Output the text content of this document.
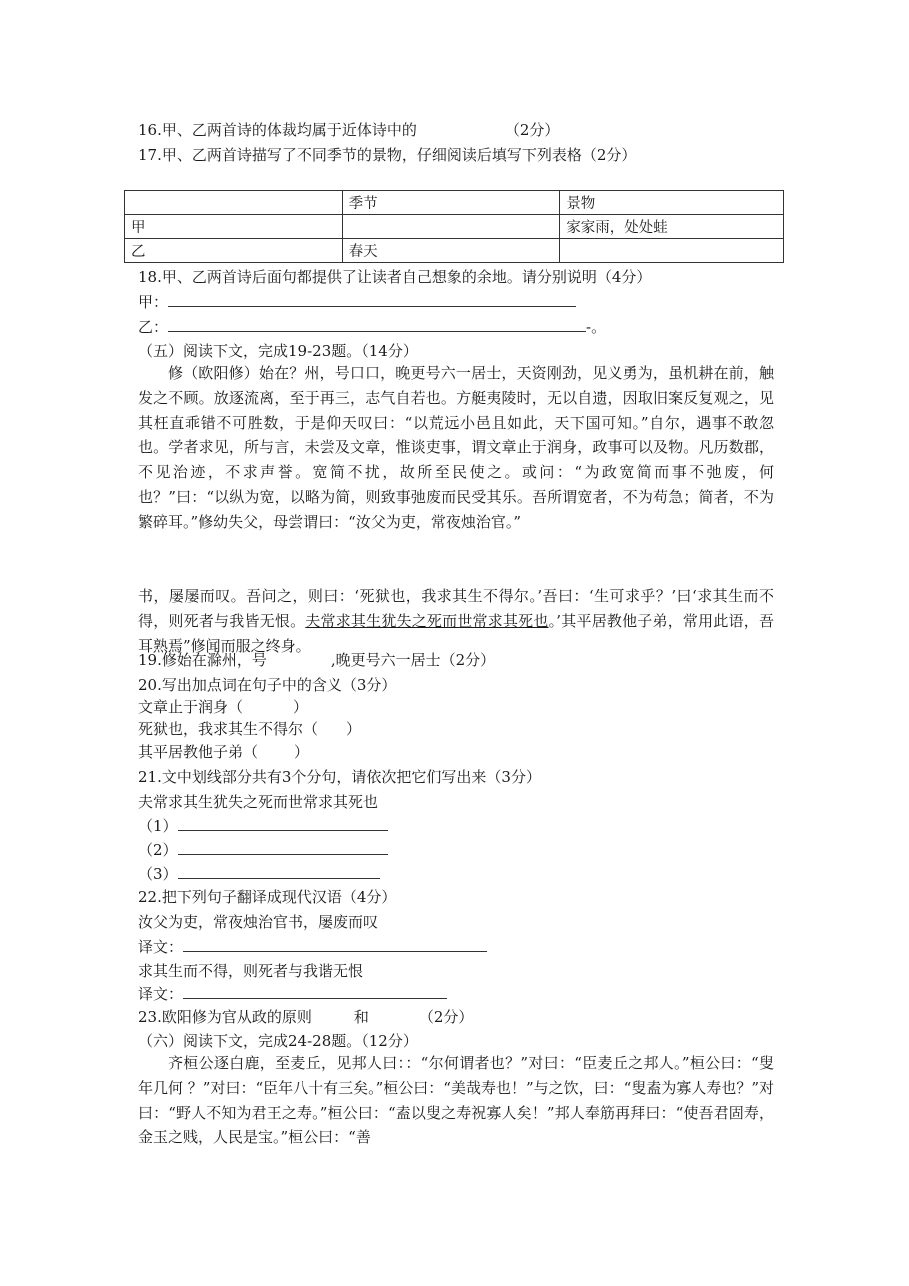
16.甲、乙两首诗的体裁均属于近体诗中的	（2分）
17.甲、乙两首诗描写了不同季节的景物，仔细阅读后填写下列表格（2分）
	季节	景物
甲		家家雨，处处蛙
乙	春天	
18.甲、乙两首诗后面句都提供了让读者自己想象的余地。请分别说明（4分）
甲：
乙：	-。
（五）阅读下文，完成19-23题。（14分）
修（欧阳修）始在？州，号口口，晚更号六一居士，天资刚劲，见义勇为，虽机耕在前，触发之不顾。放逐流离，至于再三，志气自若也。方艇夷陵时，无以自遗，因取旧案反复观之，见其枉直乖错不可胜数，于是仰天叹曰：“以荒远小邑且如此，天下国可知。”自尔，遇事不敢忽也。学者求见，所与言，未尝及文章，惟谈吏事，谓文章止于润身，政事可以及物。凡历数郡，不见治迹，不求声誉。宽简不扰，故所至民使之。或问：“为政宽简而事不弛废，何也？”曰：“以纵为宽，以略为简，则致事弛废而民受其乐。吾所谓宽者，不为苟急；简者，不为繁碎耳。”修幼失父，母尝谓曰：“汝父为吏，常夜烛治官。”
书，屡屡而叹。吾问之，则曰：‘死狱也，我求其生不得尔。’吾曰：‘生可求乎？’曰‘求其生而不得，则死者与我皆无恨。夫常求其生犹失之死而世常求其死也。’其平居教他子弟，常用此语，吾耳熟焉”修闻而服之终身。
19.修始在滁州，号	,晚更号六一居士（2分）
20.写出加点词在句子中的含义（3分）
文章止于润身（	）
死狱也，我求其生不得尔（ ）
其平居教他子弟（ ）
21.文中划线部分共有3个分句，请依次把它们写出来（3分）
夫常求其生犹失之死而世常求其死也
（1）
（2）
（3）
22.把下列句子翻译成现代汉语（4分）
汝父为吏，常夜烛治官书，屡废而叹
译文：
求其生而不得，则死者与我谐无恨
译文：
23.欧阳修为官从政的原则	和	（2分）
（六）阅读下文，完成24-28题。（12分）
齐桓公逐白鹿，至麦丘，见邦人曰：：“尔何谓者也？”对曰：“臣麦丘之邦人。”桓公曰：“叟年几何 ？”对曰：“臣年八十有三矣。”桓公曰：“美哉寿也！”与之饮，曰：“叟盍为寡人寿也？”对曰：“野人不知为君王之寿。”桓公曰：“盍以叟之寿祝寡人矣！”邦人奉筋再拜曰：“使吾君固寿，金玉之贱，人民是宝。”桓公曰：“善
